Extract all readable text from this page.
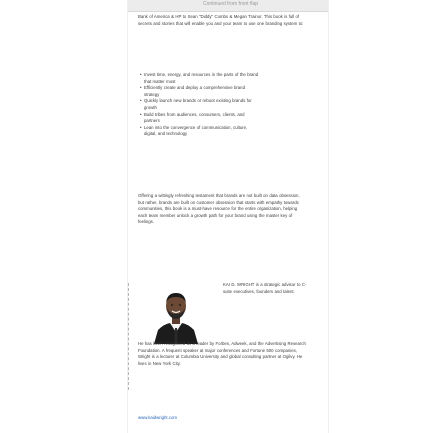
Continued from front flap
Bank of America & HP to Sean "Diddy" Combs & Megan Trainor. This book is full of secrets and stories that will enable you and your team to use one branding system to:
• Invest time, energy, and resources in the parts of the brand that matter most
• Efficiently create and deploy a comprehensive brand strategy
• Quickly launch new brands or reboot existing brands for growth
• Build tribes from audiences, consumers, clients, and partners
• Lean into the convergence of communication, culture, digital, and technology
Offering a wittingly refreshing testament that brands are not built on data obsession, but rather, brands are built on customer obsession that starts with empathy towards communities, this book is a must-have resource for the entire organization, helping each team member unlock a growth path for your brand using the master key of feelings.
KAI D. WRIGHT is a strategic advisor to C-suite executives, founders and talent.
He has been recognized as a leader by Forbes, Adweek, and the Advertising Research Foundation. A frequent speaker at major conferences and Fortune 500 companies, Wright is a lecturer at Columbia University and global consulting partner at Ogilvy. He lives in New York City.
www.kaidwright.com
